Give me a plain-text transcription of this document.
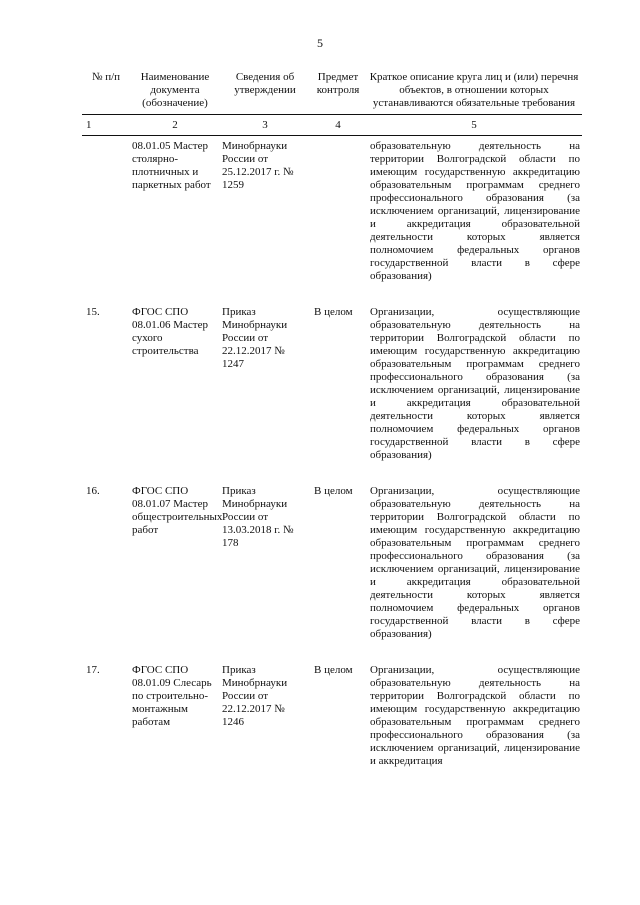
5
№ п/п	Наименование документа (обозначение)	Сведения об утверждении	Предмет контроля	Краткое описание круга лиц и (или) перечня объектов, в отношении которых устанавливаются обязательные требования
1	2	3	4	5
	08.01.05 Мастер столярно-плотничных и паркетных работ	Минобрнауки России от 25.12.2017 г. № 1259		образовательную деятельность на территории Волгоградской области по имеющим государственную аккредитацию образовательным программам среднего профессионального образования (за исключением организаций, лицензирование и аккредитация образовательной деятельности которых является полномочием федеральных органов государственной власти в сфере образования)

15.	ФГОС СПО 08.01.06 Мастер сухого строительства	Приказ Минобрнауки России от 22.12.2017 № 1247	В целом	Организации, осуществляющие образовательную деятельность на территории Волгоградской области по имеющим государственную аккредитацию образовательным программам среднего профессионального образования (за исключением организаций, лицензирование и аккредитация образовательной деятельности которых является полномочием федеральных органов государственной власти в сфере образования)

16.	ФГОС СПО 08.01.07 Мастер общестроительных работ	Приказ Минобрнауки России от 13.03.2018 г. № 178	В целом	Организации, осуществляющие образовательную деятельность на территории Волгоградской области по имеющим государственную аккредитацию образовательным программам среднего профессионального образования (за исключением организаций, лицензирование и аккредитация образовательной деятельности которых является полномочием федеральных органов государственной власти в сфере образования)

17.	ФГОС СПО 08.01.09 Слесарь по строительно-монтажным работам	Приказ Минобрнауки России от 22.12.2017 № 1246	В целом	Организации, осуществляющие образовательную деятельность на территории Волгоградской области по имеющим государственную аккредитацию образовательным программам среднего профессионального образования (за исключением организаций, лицензирование и аккредитация
